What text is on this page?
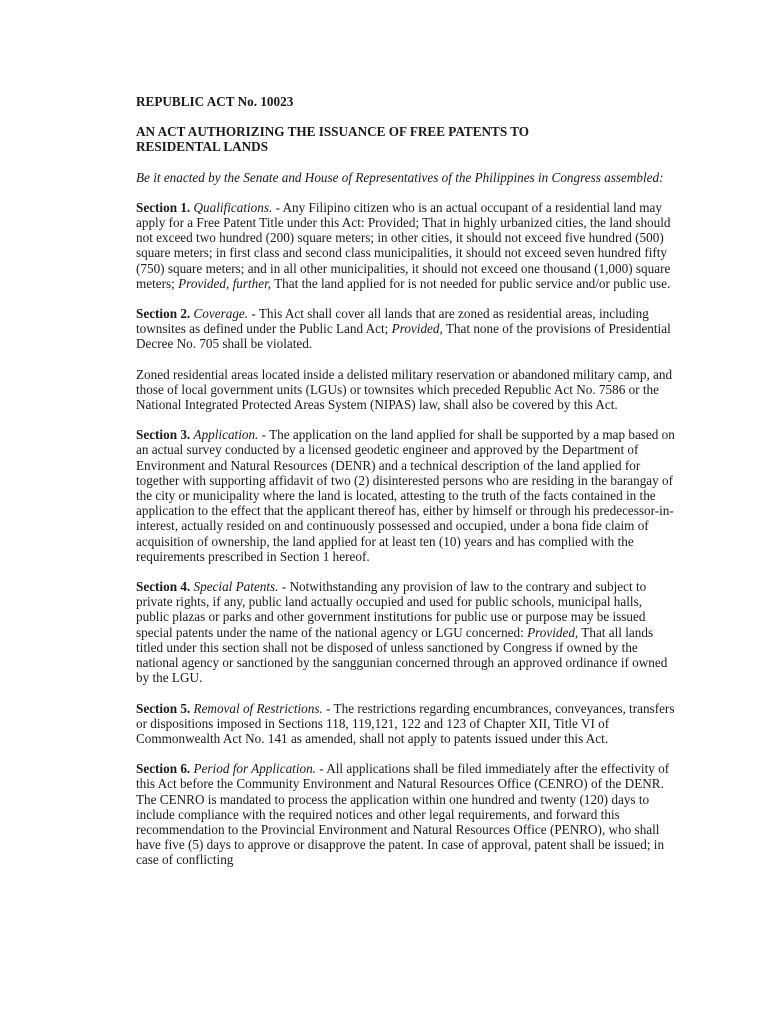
REPUBLIC ACT No. 10023
AN ACT AUTHORIZING THE ISSUANCE OF FREE PATENTS TO
RESIDENTAL LANDS

Be it enacted by the Senate and House of Representatives of the Philippines in Congress assembled:

Section 1. Qualifications. - Any Filipino citizen who is an actual occupant of a residential land may apply for a Free Patent Title under this Act: Provided; That in highly urbanized cities, the land should not exceed two hundred (200) square meters; in other cities, it should not exceed five hundred (500) square meters; in first class and second class municipalities, it should not exceed seven hundred fifty (750) square meters; and in all other municipalities, it should not exceed one thousand (1,000) square meters; Provided, further, That the land applied for is not needed for public service and/or public use.

Section 2. Coverage. - This Act shall cover all lands that are zoned as residential areas, including townsites as defined under the Public Land Act; Provided, That none of the provisions of Presidential Decree No. 705 shall be violated.

Zoned residential areas located inside a delisted military reservation or abandoned military camp, and those of local government units (LGUs) or townsites which preceded Republic Act No. 7586 or the National Integrated Protected Areas System (NIPAS) law, shall also be covered by this Act.

Section 3. Application. - The application on the land applied for shall be supported by a map based on an actual survey conducted by a licensed geodetic engineer and approved by the Department of Environment and Natural Resources (DENR) and a technical description of the land applied for together with supporting affidavit of two (2) disinterested persons who are residing in the barangay of the city or municipality where the land is located, attesting to the truth of the facts contained in the application to the effect that the applicant thereof has, either by himself or through his predecessor-in-interest, actually resided on and continuously possessed and occupied, under a bona fide claim of acquisition of ownership, the land applied for at least ten (10) years and has complied with the requirements prescribed in Section 1 hereof.

Section 4. Special Patents. - Notwithstanding any provision of law to the contrary and subject to private rights, if any, public land actually occupied and used for public schools, municipal halls, public plazas or parks and other government institutions for public use or purpose may be issued special patents under the name of the national agency or LGU concerned: Provided, That all lands titled under this section shall not be disposed of unless sanctioned by Congress if owned by the national agency or sanctioned by the sanggunian concerned through an approved ordinance if owned by the LGU.

Section 5. Removal of Restrictions. - The restrictions regarding encumbrances, conveyances, transfers or dispositions imposed in Sections 118, 119,121, 122 and 123 of Chapter XII, Title VI of Commonwealth Act No. 141 as amended, shall not apply to patents issued under this Act.

Section 6. Period for Application. - All applications shall be filed immediately after the effectivity of this Act before the Community Environment and Natural Resources Office (CENRO) of the DENR. The CENRO is mandated to process the application within one hundred and twenty (120) days to include compliance with the required notices and other legal requirements, and forward this recommendation to the Provincial Environment and Natural Resources Office (PENRO), who shall have five (5) days to approve or disapprove the patent. In case of approval, patent shall be issued; in case of conflicting
